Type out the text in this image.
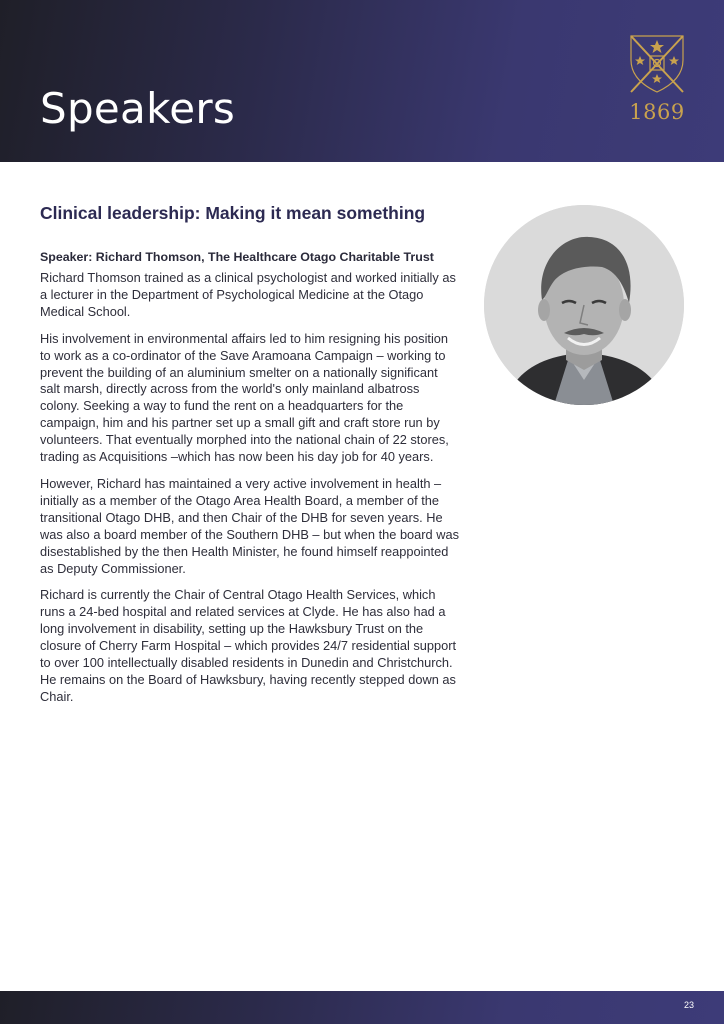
Speakers	1869
Clinical leadership: Making it mean something

Speaker: Richard Thomson, The Healthcare Otago Charitable Trust

Richard Thomson trained as a clinical psychologist and worked initially as a lecturer in the Department of Psychological Medicine at the Otago Medical School.

His involvement in environmental affairs led to him resigning his position to work as a co-ordinator of the Save Aramoana Campaign – working to prevent the building of an aluminium smelter on a nationally significant salt marsh, directly across from the world's only mainland albatross colony. Seeking a way to fund the rent on a headquarters for the campaign, him and his partner set up a small gift and craft store run by volunteers. That eventually morphed into the national chain of 22 stores, trading as Acquisitions –which has now been his day job for 40 years.

However, Richard has maintained a very active involvement in health – initially as a member of the Otago Area Health Board, a member of the transitional Otago DHB, and then Chair of the DHB for seven years. He was also a board member of the Southern DHB – but when the board was disestablished by the then Health Minister, he found himself reappointed as Deputy Commissioner.

Richard is currently the Chair of Central Otago Health Services, which runs a 24-bed hospital and related services at Clyde. He has also had a long involvement in disability, setting up the Hawksbury Trust on the closure of Cherry Farm Hospital – which provides 24/7 residential support to over 100 intellectually disabled residents in Dunedin and Christchurch. He remains on the Board of Hawksbury, having recently stepped down as Chair.

23
